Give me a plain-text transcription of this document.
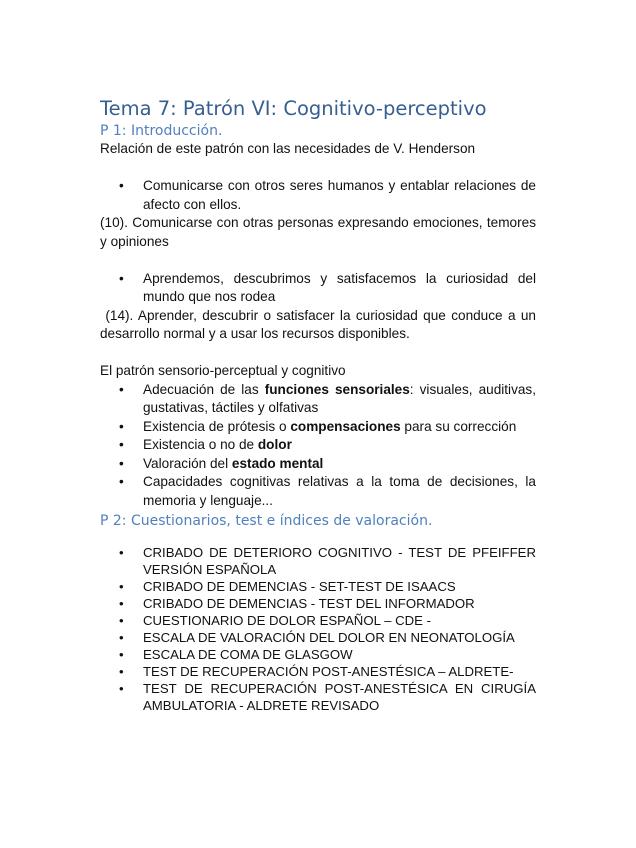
Tema 7: Patrón VI: Cognitivo-perceptivo
P 1: Introducción.

Relación de este patrón con las necesidades de V. Henderson

• Comunicarse con otros seres humanos y entablar relaciones de afecto con ellos.

(10). Comunicarse con otras personas expresando emociones, temores y opiniones

• Aprendemos, descubrimos y satisfacemos la curiosidad del mundo que nos rodea

(14). Aprender, descubrir o satisfacer la curiosidad que conduce a un desarrollo normal y a usar los recursos disponibles.

El patrón sensorio-perceptual y cognitivo

• Adecuación de las funciones sensoriales: visuales, auditivas, gustativas, táctiles y olfativas
• Existencia de prótesis o compensaciones para su corrección
• Existencia o no de dolor
• Valoración del estado mental
• Capacidades cognitivas relativas a la toma de decisiones, la memoria y lenguaje...
P 2: Cuestionarios, test e índices de valoración.
• CRIBADO DE DETERIORO COGNITIVO - TEST DE PFEIFFER VERSIÓN ESPAÑOLA
• CRIBADO DE DEMENCIAS - SET-TEST DE ISAACS
• CRIBADO DE DEMENCIAS - TEST DEL INFORMADOR
• CUESTIONARIO DE DOLOR ESPAÑOL – CDE -
• ESCALA DE VALORACIÓN DEL DOLOR EN NEONATOLOGÍA
• ESCALA DE COMA DE GLASGOW
• TEST DE RECUPERACIÓN POST-ANESTÉSICA – ALDRETE-
• TEST DE RECUPERACIÓN POST-ANESTÉSICA EN CIRUGÍA AMBULATORIA - ALDRETE REVISADO
